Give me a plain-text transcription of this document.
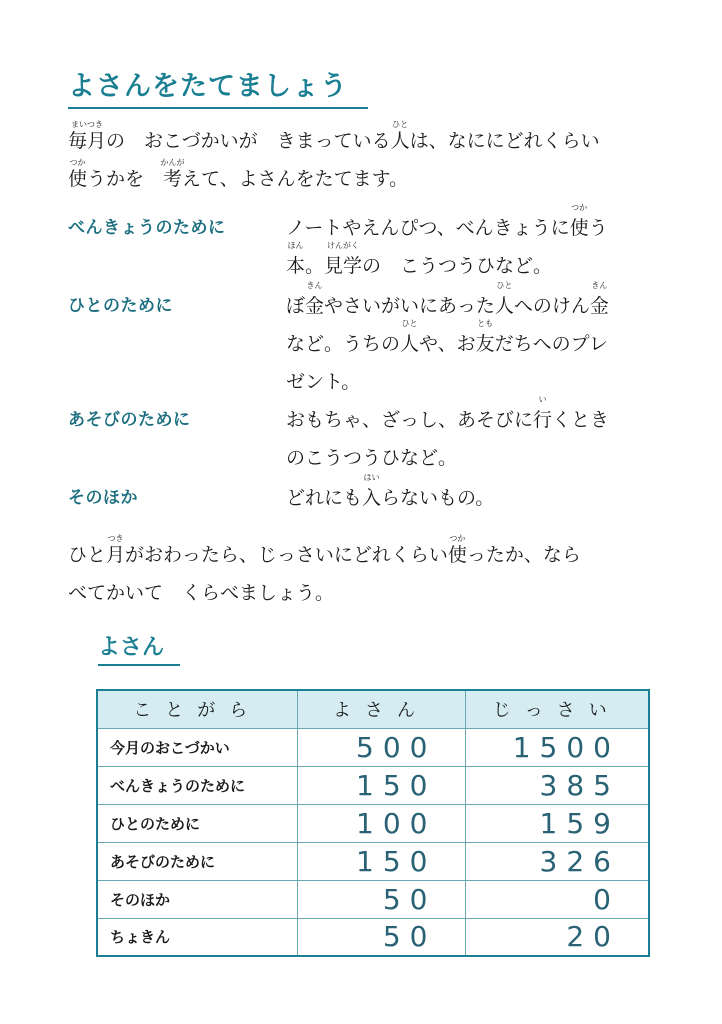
よさんをたてましょう
毎月
まいつき
の　おこづかいが　きまっている人
ひと
は、なににどれくらい
使
つか
うかを　考
かんが
えて、よさんをたてます。
べんきょうのために	ノートやえんぴつ、べんきょうに使
つか
う
本
ほん
。見学
けんがく
の　こうつうひなど。
ひとのために	ぼ金
きん
やさいがいにあった人
ひと
へのけん金
きん
など。うちの人
ひと
や、お友
とも
だちへのプレ
ゼント。
あそびのために	おもちゃ、ざっし、あそびに行
い
くとき
のこうつうひなど。
そのほか	どれにも入
はい
らないもの。
ひと月
つき
がおわったら、じっさいにどれくらい使
つか
ったか、なら
べてかいて　くらべましょう。
よさん
ことがら	よさん	じっさい
今月のおこづかい	500	1500
べんきょうのために	150	385
ひとのために	100	159
あそびのために	150	326
そのほか	50	0
ちょきん	50	20
